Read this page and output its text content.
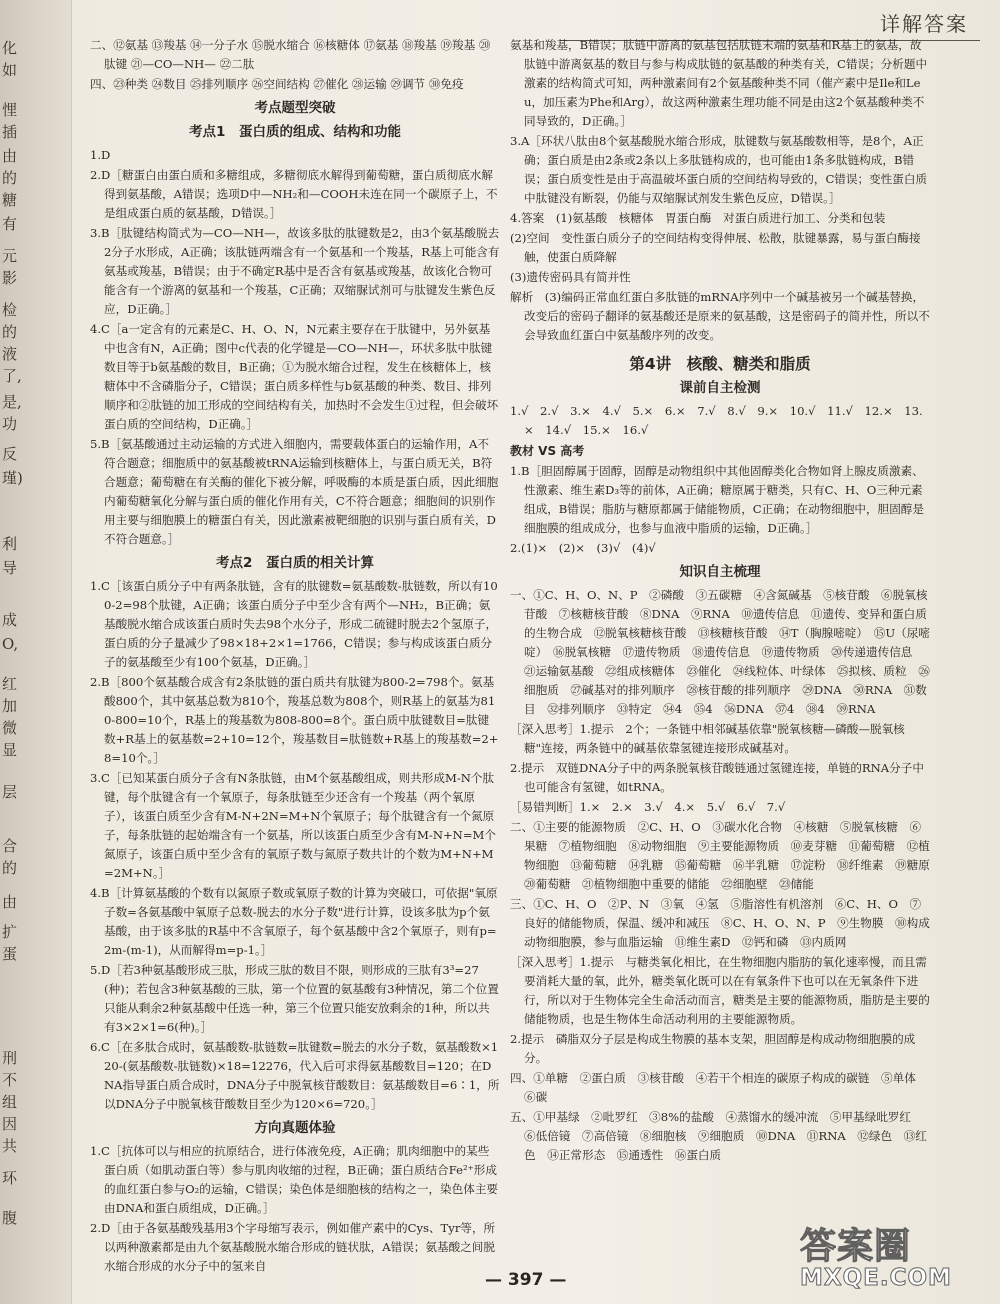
化
如
悝
插
由
的
糖
有
元
影
检
的
液
了,
是,
功
反
瑾)
利
导
成
O,
红
加
微
显
层
合
的
由
扩
蛋
刑
不
组
因
共
环
腹
详解答案

二、⑫氨基 ⑬羧基 ⑭一分子水 ⑮脱水缩合 ⑯核糖体 ⑰氨基 ⑱羧基 ⑲羧基 ⑳肽键 ㉑—CO—NH— ㉒二肽

四、㉓种类 ㉔数目 ㉕排列顺序 ㉖空间结构 ㉗催化 ㉘运输 ㉙调节 ㉚免疫

考点题型突破

考点1　蛋白质的组成、结构和功能

1.D

2.D［糖蛋白由蛋白质和多糖组成，多糖彻底水解得到葡萄糖，蛋白质彻底水解得到氨基酸，A错误；选项D中—NH₂和—COOH未连在同一个碳原子上，不是组成蛋白质的氨基酸，D错误。］

3.B［肽键结构简式为—CO—NH—，故该多肽的肽键数是2，由3个氨基酸脱去2分子水形成，A正确；该肽链两端含有一个氨基和一个羧基，R基上可能含有氨基或羧基，B错误；由于不确定R基中是否含有氨基或羧基，故该化合物可能含有一个游离的氨基和一个羧基，C正确；双缩脲试剂可与肽键发生紫色反应，D正确。］

4.C［a一定含有的元素是C、H、O、N，N元素主要存在于肽键中，另外氨基中也含有N，A正确；图中c代表的化学键是—CO—NH—，环状多肽中肽键数目等于b氨基酸的数目，B正确；①为脱水缩合过程，发生在核糖体上，核糖体中不含磷脂分子，C错误；蛋白质多样性与b氨基酸的种类、数目、排列顺序和②肽链的加工形成的空间结构有关，加热时不会发生①过程，但会破坏蛋白质的空间结构，D正确。］

5.B［氨基酸通过主动运输的方式进入细胞内，需要载体蛋白的运输作用，A不符合题意；细胞质中的氨基酸被tRNA运输到核糖体上，与蛋白质无关，B符合题意；葡萄糖在有关酶的催化下被分解，呼吸酶的本质是蛋白质，因此细胞内葡萄糖氧化分解与蛋白质的催化作用有关，C不符合题意；细胞间的识别作用主要与细胞膜上的糖蛋白有关，因此激素被靶细胞的识别与蛋白质有关，D不符合题意。］

考点2　蛋白质的相关计算

1.C［该蛋白质分子中有两条肽链，含有的肽键数=氨基酸数-肽链数，所以有100-2=98个肽键，A正确；该蛋白质分子中至少含有两个—NH₂，B正确；氨基酸脱水缩合成该蛋白质时失去98个水分子，形成二硫键时脱去2个氢原子，蛋白质的分子量减少了98×18+2×1=1766，C错误；参与构成该蛋白质分子的氨基酸至少有100个氨基，D正确。］

2.B［800个氨基酸合成含有2条肽链的蛋白质共有肽键为800-2=798个。氨基酸800个，其中氨基总数为810个，羧基总数为808个，则R基上的氨基为810-800=10个，R基上的羧基数为808-800=8个。蛋白质中肽键数目=肽键数+R基上的氨基数=2+10=12个，羧基数目=肽链数+R基上的羧基数=2+8=10个。］

3.C［已知某蛋白质分子含有N条肽链，由M个氨基酸组成，则共形成M-N个肽键，每个肽键含有一个氧原子，每条肽链至少还含有一个羧基（两个氧原子），该蛋白质至少含有M-N+2N=M+N个氧原子；每个肽键含有一个氮原子，每条肽链的起始端含有一个氨基，所以该蛋白质至少含有M-N+N=M个氮原子，该蛋白质中至少含有的氧原子数与氮原子数共计的个数为M+N+M=2M+N。］

4.B［计算氨基酸的个数有以氮原子数或氧原子数的计算为突破口，可依据"氧原子数=各氨基酸中氧原子总数-脱去的水分子数"进行计算，设该多肽为p个氨基酸，由于该多肽的R基中不含氧原子，每个氨基酸中含2个氧原子，则有p=2m-(m-1)，从而解得m=p-1。］

5.D［若3种氨基酸形成三肽，形成三肽的数目不限，则形成的三肽有3³=27(种)；若包含3种氨基酸的三肽，第一个位置的氨基酸有3种情况，第二个位置只能从剩余2种氨基酸中任选一种，第三个位置只能安放剩余的1种，所以共有3×2×1=6(种)。］

6.C［在多肽合成时，氨基酸数-肽链数=肽键数=脱去的水分子数，氨基酸数×120-(氨基酸数-肽链数)×18=12276，代入后可求得氨基酸数目=120；在DNA指导蛋白质合成时，DNA分子中脱氧核苷酸数目：氨基酸数目=6∶1，所以DNA分子中脱氧核苷酸数目至少为120×6=720。］

方向真题体验

1.C［抗体可以与相应的抗原结合，进行体液免疫，A正确；肌肉细胞中的某些蛋白质（如肌动蛋白等）参与肌肉收缩的过程，B正确；蛋白质结合Fe²⁺形成的血红蛋白参与O₂的运输，C错误；染色体是细胞核的结构之一，染色体主要由DNA和蛋白质组成，D正确。］

2.D［由于各氨基酸残基用3个字母缩写表示，例如催产素中的Cys、Tyr等，所以两种激素都是由九个氨基酸脱水缩合形成的链状肽，A错误；氨基酸之间脱水缩合形成的水分子中的氢来自

氨基和羧基，B错误；肽链中游离的氨基包括肽链末端的氨基和R基上的氨基，故肽链中游离氨基的数目与参与构成肽链的氨基酸的种类有关，C错误；分析题中激素的结构简式可知，两种激素间有2个氨基酸种类不同（催产素中是Ile和Leu，加压素为Phe和Arg），故这两种激素生理功能不同是由这2个氨基酸种类不同导致的，D正确。］

3.A［环状八肽由8个氨基酸脱水缩合形成，肽键数与氨基酸数相等，是8个，A正确；蛋白质是由2条或2条以上多肽链构成的，也可能由1条多肽链构成，B错误；蛋白质变性是由于高温破坏蛋白质的空间结构导致的，C错误；变性蛋白质中肽键没有断裂，仍能与双缩脲试剂发生紫色反应，D错误。］

4.答案　(1)氨基酸　核糖体　胃蛋白酶　对蛋白质进行加工、分类和包装

(2)空间　变性蛋白质分子的空间结构变得伸展、松散，肽键暴露，易与蛋白酶接触，使蛋白质降解

(3)遗传密码具有简并性

解析　(3)编码正常血红蛋白多肽链的mRNA序列中一个碱基被另一个碱基替换，改变后的密码子翻译的氨基酸还是原来的氨基酸，这是密码子的简并性，所以不会导致血红蛋白中氨基酸序列的改变。

第4讲　核酸、糖类和脂质

课前自主检测

1.√　2.√　3.×　4.√　5.×　6.×　7.√　8.√　9.×　10.√　11.√　12.×　13.×　14.√　15.×　16.√

教材 VS 高考

1.B［胆固醇属于固醇，固醇是动物组织中其他固醇类化合物如肾上腺皮质激素、性激素、维生素D₃等的前体，A正确；糖原属于糖类，只有C、H、O三种元素组成，B错误；脂肪与糖原都属于储能物质，C正确；在动物细胞中，胆固醇是细胞膜的组成成分，也参与血液中脂质的运输，D正确。］

2.(1)×　(2)×　(3)√　(4)√

知识自主梳理

一、①C、H、O、N、P　②磷酸　③五碳糖　④含氮碱基　⑤核苷酸　⑥脱氧核苷酸　⑦核糖核苷酸　⑧DNA　⑨RNA　⑩遗传信息　⑪遗传、变异和蛋白质的生物合成　⑫脱氧核糖核苷酸　⑬核糖核苷酸　⑭T（胸腺嘧啶）　⑮U（尿嘧啶）　⑯脱氧核糖　⑰遗传物质　⑱遗传信息　⑲遗传物质　⑳传递遗传信息　㉑运输氨基酸　㉒组成核糖体　㉓催化　㉔线粒体、叶绿体　㉕拟核、质粒　㉖细胞质　㉗碱基对的排列顺序　㉘核苷酸的排列顺序　㉙DNA　㉚RNA　㉛数目　㉜排列顺序　㉝特定　㉞4　㉟4　㊱DNA　㊲4　㊳4　㊴RNA

［深入思考］1.提示　2个；一条链中相邻碱基依靠"脱氧核糖—磷酸—脱氧核糖"连接，两条链中的碱基依靠氢键连接形成碱基对。

2.提示　双链DNA分子中的两条脱氧核苷酸链通过氢键连接，单链的RNA分子中也可能含有氢键，如tRNA。

［易错判断］1.×　2.×　3.√　4.×　5.√　6.√　7.√

二、①主要的能源物质　②C、H、O　③碳水化合物　④核糖　⑤脱氧核糖　⑥果糖　⑦植物细胞　⑧动物细胞　⑨主要能源物质　⑩麦芽糖　⑪葡萄糖　⑫植物细胞　⑬葡萄糖　⑭乳糖　⑮葡萄糖　⑯半乳糖　⑰淀粉　⑱纤维素　⑲糖原　⑳葡萄糖　㉑植物细胞中重要的储能　㉒细胞壁　㉓储能

三、①C、H、O　②P、N　③氧　④氢　⑤脂溶性有机溶剂　⑥C、H、O　⑦良好的储能物质，保温、缓冲和减压　⑧C、H、O、N、P　⑨生物膜　⑩构成动物细胞膜，参与血脂运输　⑪维生素D　⑫钙和磷　⑬内质网

［深入思考］1.提示　与糖类氧化相比，在生物细胞内脂肪的氧化速率慢，而且需要消耗大量的氧，此外，糖类氧化既可以在有氧条件下也可以在无氧条件下进行，所以对于生物体完全生命活动而言，糖类是主要的能源物质，脂肪是主要的储能物质，也是生物体生命活动利用的主要能源物质。

2.提示　磷脂双分子层是构成生物膜的基本支架，胆固醇是构成动物细胞膜的成分。

四、①单糖　②蛋白质　③核苷酸　④若干个相连的碳原子构成的碳链　⑤单体　⑥碳

五、①甲基绿　②吡罗红　③8%的盐酸　④蒸馏水的缓冲流　⑤甲基绿吡罗红　⑥低倍镜　⑦高倍镜　⑧细胞核　⑨细胞质　⑩DNA　⑪RNA　⑫绿色　⑬红色　⑭正常形态　⑮通透性　⑯蛋白质

— 397 —
答案圈
MXQE.COM
